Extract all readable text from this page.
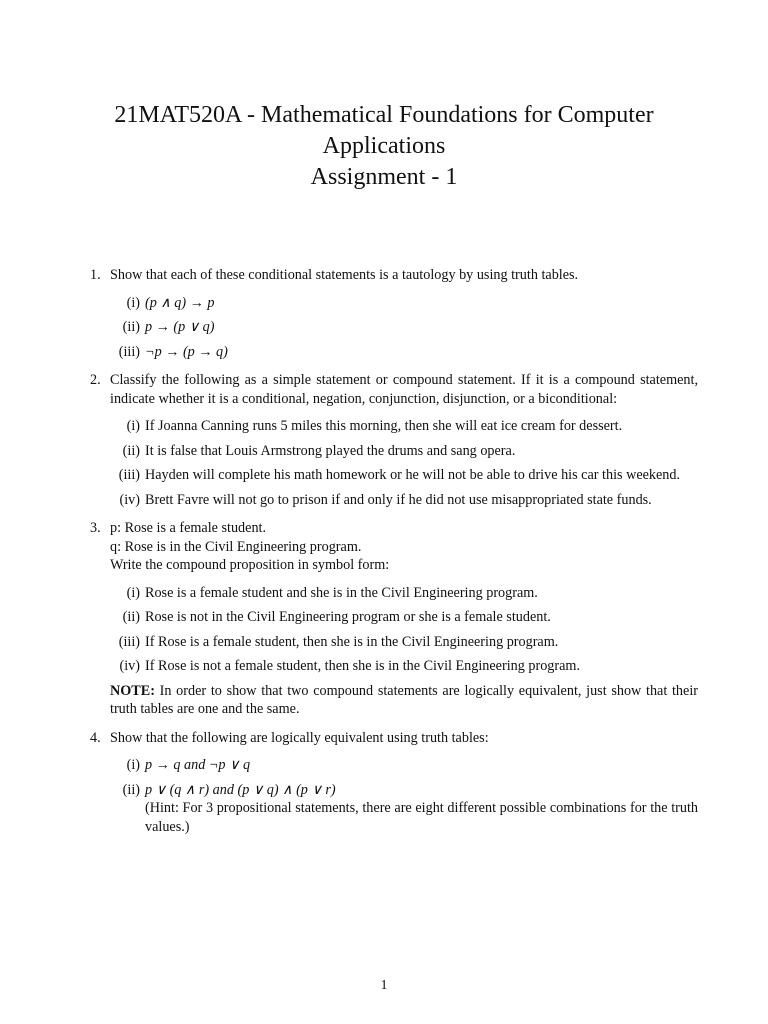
21MAT520A - Mathematical Foundations for Computer
Applications
Assignment - 1
1. Show that each of these conditional statements is a tautology by using truth tables.
(i) (p ∧ q) → p
(ii) p → (p ∨ q)
(iii) ¬p → (p → q)
2. Classify the following as a simple statement or compound statement. If it is a compound statement, indicate whether it is a conditional, negation, conjunction, disjunction, or a biconditional:
(i) If Joanna Canning runs 5 miles this morning, then she will eat ice cream for dessert.
(ii) It is false that Louis Armstrong played the drums and sang opera.
(iii) Hayden will complete his math homework or he will not be able to drive his car this weekend.
(iv) Brett Favre will not go to prison if and only if he did not use misappropriated state funds.
3. p: Rose is a female student.
q: Rose is in the Civil Engineering program.
Write the compound proposition in symbol form:
(i) Rose is a female student and she is in the Civil Engineering program.
(ii) Rose is not in the Civil Engineering program or she is a female student.
(iii) If Rose is a female student, then she is in the Civil Engineering program.
(iv) If Rose is not a female student, then she is in the Civil Engineering program.
NOTE: In order to show that two compound statements are logically equivalent, just show that their truth tables are one and the same.
4. Show that the following are logically equivalent using truth tables:
(i) p → q and ¬p ∨ q
(ii) p ∨ (q ∧ r) and (p ∨ q) ∧ (p ∨ r)
(Hint: For 3 propositional statements, there are eight different possible combinations for the truth values.)
1
